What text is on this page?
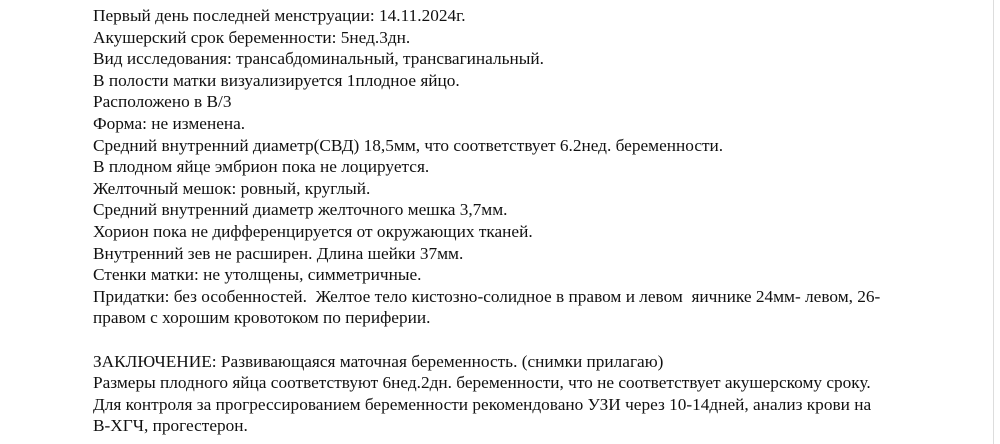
Первый день последней менструации: 14.11.2024г.
Акушерский срок беременности: 5нед.3дн.
Вид исследования: трансабдоминальный, трансвагинальный.
В полости матки визуализируется 1плодное яйцо.
Расположено в В/3
Форма: не изменена.
Средний внутренний диаметр(СВД) 18,5мм, что соответствует 6.2нед. беременности.
В плодном яйце эмбрион пока не лоцируется.
Желточный мешок: ровный, круглый.
Средний внутренний диаметр желточного мешка 3,7мм.
Хорион пока не дифференцируется от окружающих тканей.
Внутренний зев не расширен. Длина шейки 37мм.
Стенки матки: не утолщены, симметричные.
Придатки: без особенностей.  Желтое тело кистозно-солидное в правом и левом  яичнике 24мм- левом, 26-
правом с хорошим кровотоком по периферии.
ЗАКЛЮЧЕНИЕ: Развивающаяся маточная беременность. (снимки прилагаю)
Размеры плодного яйца соответствуют 6нед.2дн. беременности, что не соответствует акушерскому сроку.
Для контроля за прогрессированием беременности рекомендовано УЗИ через 10-14дней, анализ крови на
В-ХГЧ, прогестерон.
